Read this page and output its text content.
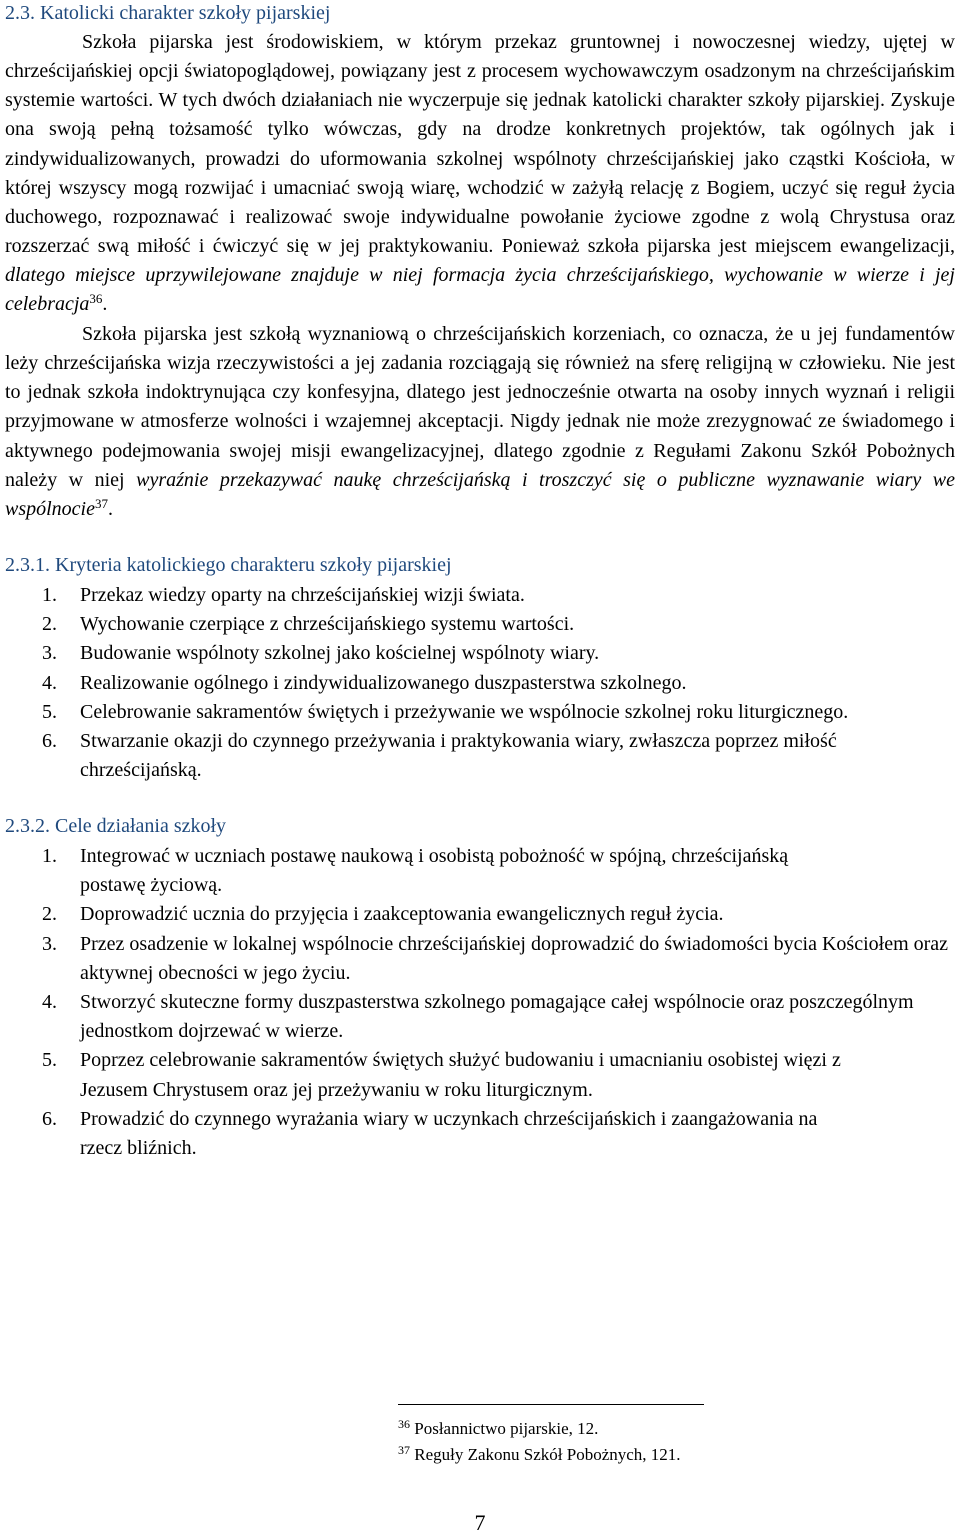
2.3. Katolicki charakter szkoły pijarskiej

Szkoła pijarska jest środowiskiem, w którym przekaz gruntownej i nowoczesnej wiedzy, ujętej w chrześcijańskiej opcji światopoglądowej, powiązany jest z procesem wychowawczym osadzonym na chrześcijańskim systemie wartości. W tych dwóch działaniach nie wyczerpuje się jednak katolicki charakter szkoły pijarskiej. Zyskuje ona swoją pełną tożsamość tylko wówczas, gdy na drodze konkretnych projektów, tak ogólnych jak i zindywidualizowanych, prowadzi do uformowania szkolnej wspólnoty chrześcijańskiej jako cząstki Kościoła, w której wszyscy mogą rozwijać i umacniać swoją wiarę, wchodzić w zażyłą relację z Bogiem, uczyć się reguł życia duchowego, rozpoznawać i realizować swoje indywidualne powołanie życiowe zgodne z wolą Chrystusa oraz rozszerzać swą miłość i ćwiczyć się w jej praktykowaniu. Ponieważ szkoła pijarska jest miejscem ewangelizacji, dlatego miejsce uprzywilejowane znajduje w niej formacja życia chrześcijańskiego, wychowanie w wierze i jej celebracja$^{36}$.

2.3.1. Kryteria katolickiego charakteru szkoły pijarskiej

Szkoła pijarska jest szkołą wyznaniową o chrześcijańskich korzeniach, co oznacza, że u jej fundamentów leży chrześcijańska wizja rzeczywistości a jej zadania rozciągają się również na sferę religijną w człowieku. Nie jest to jednak szkoła indoktrynująca czy konfesyjna, dlatego jest jednocześnie otwarta na osoby innych wyznań i religii przyjmowane w atmosferze wolności i wzajemnej akceptacji. Nigdy jednak nie może zrezygnować ze świadomego i aktywnego podejmowania swojej misji ewangelizacyjnej, dlatego zgodnie z Regułami Zakonu Szkół Pobożnych należy w niej wyraźnie przekazywać naukę chrześcijańską i troszczyć się o publiczne wyznawanie wiary we wspólnocie$^{37}$.

1. Przekaz wiedzy oparty na chrześcijańskiej wizji świata.
2. Wychowanie czerpiące z chrześcijańskiego systemu wartości.
3. Budowanie wspólnoty szkolnej jako kościelnej wspólnoty wiary.
4. Realizowanie ogólnego i zindywidualizowanego duszpasterstwa szkolnego.
5. Celebrowanie sakramentów świętych i przeżywanie we wspólnocie szkolnej roku liturgicznego.
6. Stwarzanie okazji do czynnego przeżywania i praktykowania wiary, zwłaszcza poprzez miłość chrześcijańską.
2.3.2. Cele działania szkoły
1. Integrować w uczniach postawę naukową i osobistą pobożność w spójną, chrześcijańską postawę życiową.
2. Doprowadzić ucznia do przyjęcia i zaakceptowania ewangelicznych reguł życia.
3. Przez osadzenie w lokalnej wspólnocie chrześcijańskiej doprowadzić do świadomości bycia Kościołem oraz aktywnej obecności w jego życiu.
4. Stworzyć skuteczne formy duszpasterstwa szkolnego pomagające całej wspólnocie oraz poszczególnym jednostkom dojrzewać w wierze.
5. Poprzez celebrowanie sakramentów świętych służyć budowaniu i umacnianiu osobistej więzi z Jezusem Chrystusem oraz jej przeżywaniu w roku liturgicznym.
6. Prowadzić do czynnego wyrażania wiary w uczynkach chrześcijańskich i zaangażowania na rzecz bliźnich.
$^{36}$ Posłannictwo pijarskie, 12.
$^{37}$ Reguły Zakonu Szkół Pobożnych, 121.
7
